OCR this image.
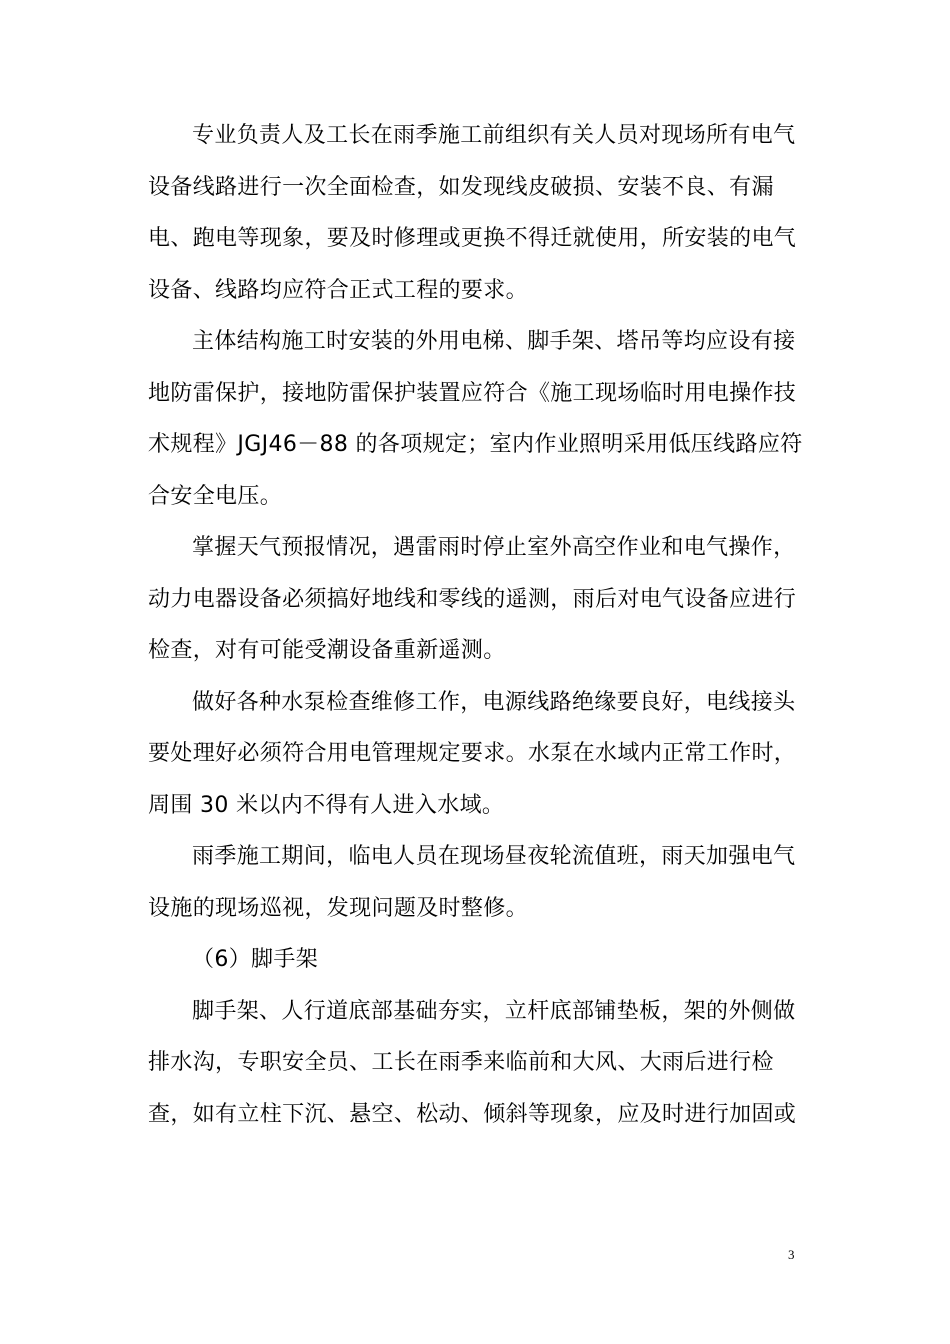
专业负责人及工长在雨季施工前组织有关人员对现场所有电气
设备线路进行一次全面检查，如发现线皮破损、安装不良、有漏
电、跑电等现象，要及时修理或更换不得迁就使用，所安装的电气
设备、线路均应符合正式工程的要求。
主体结构施工时安装的外用电梯、脚手架、塔吊等均应设有接
地防雷保护，接地防雷保护装置应符合《施工现场临时用电操作技
术规程》JGJ46－88 的各项规定；室内作业照明采用低压线路应符
合安全电压。
掌握天气预报情况，遇雷雨时停止室外高空作业和电气操作，
动力电器设备必须搞好地线和零线的遥测，雨后对电气设备应进行
检查，对有可能受潮设备重新遥测。
做好各种水泵检查维修工作，电源线路绝缘要良好，电线接头
要处理好必须符合用电管理规定要求。水泵在水域内正常工作时，
周围 30 米以内不得有人进入水域。
雨季施工期间，临电人员在现场昼夜轮流值班，雨天加强电气
设施的现场巡视，发现问题及时整修。
（6）脚手架
脚手架、人行道底部基础夯实，立杆底部铺垫板，架的外侧做
排水沟，专职安全员、工长在雨季来临前和大风、大雨后进行检
查，如有立柱下沉、悬空、松动、倾斜等现象，应及时进行加固或
3
